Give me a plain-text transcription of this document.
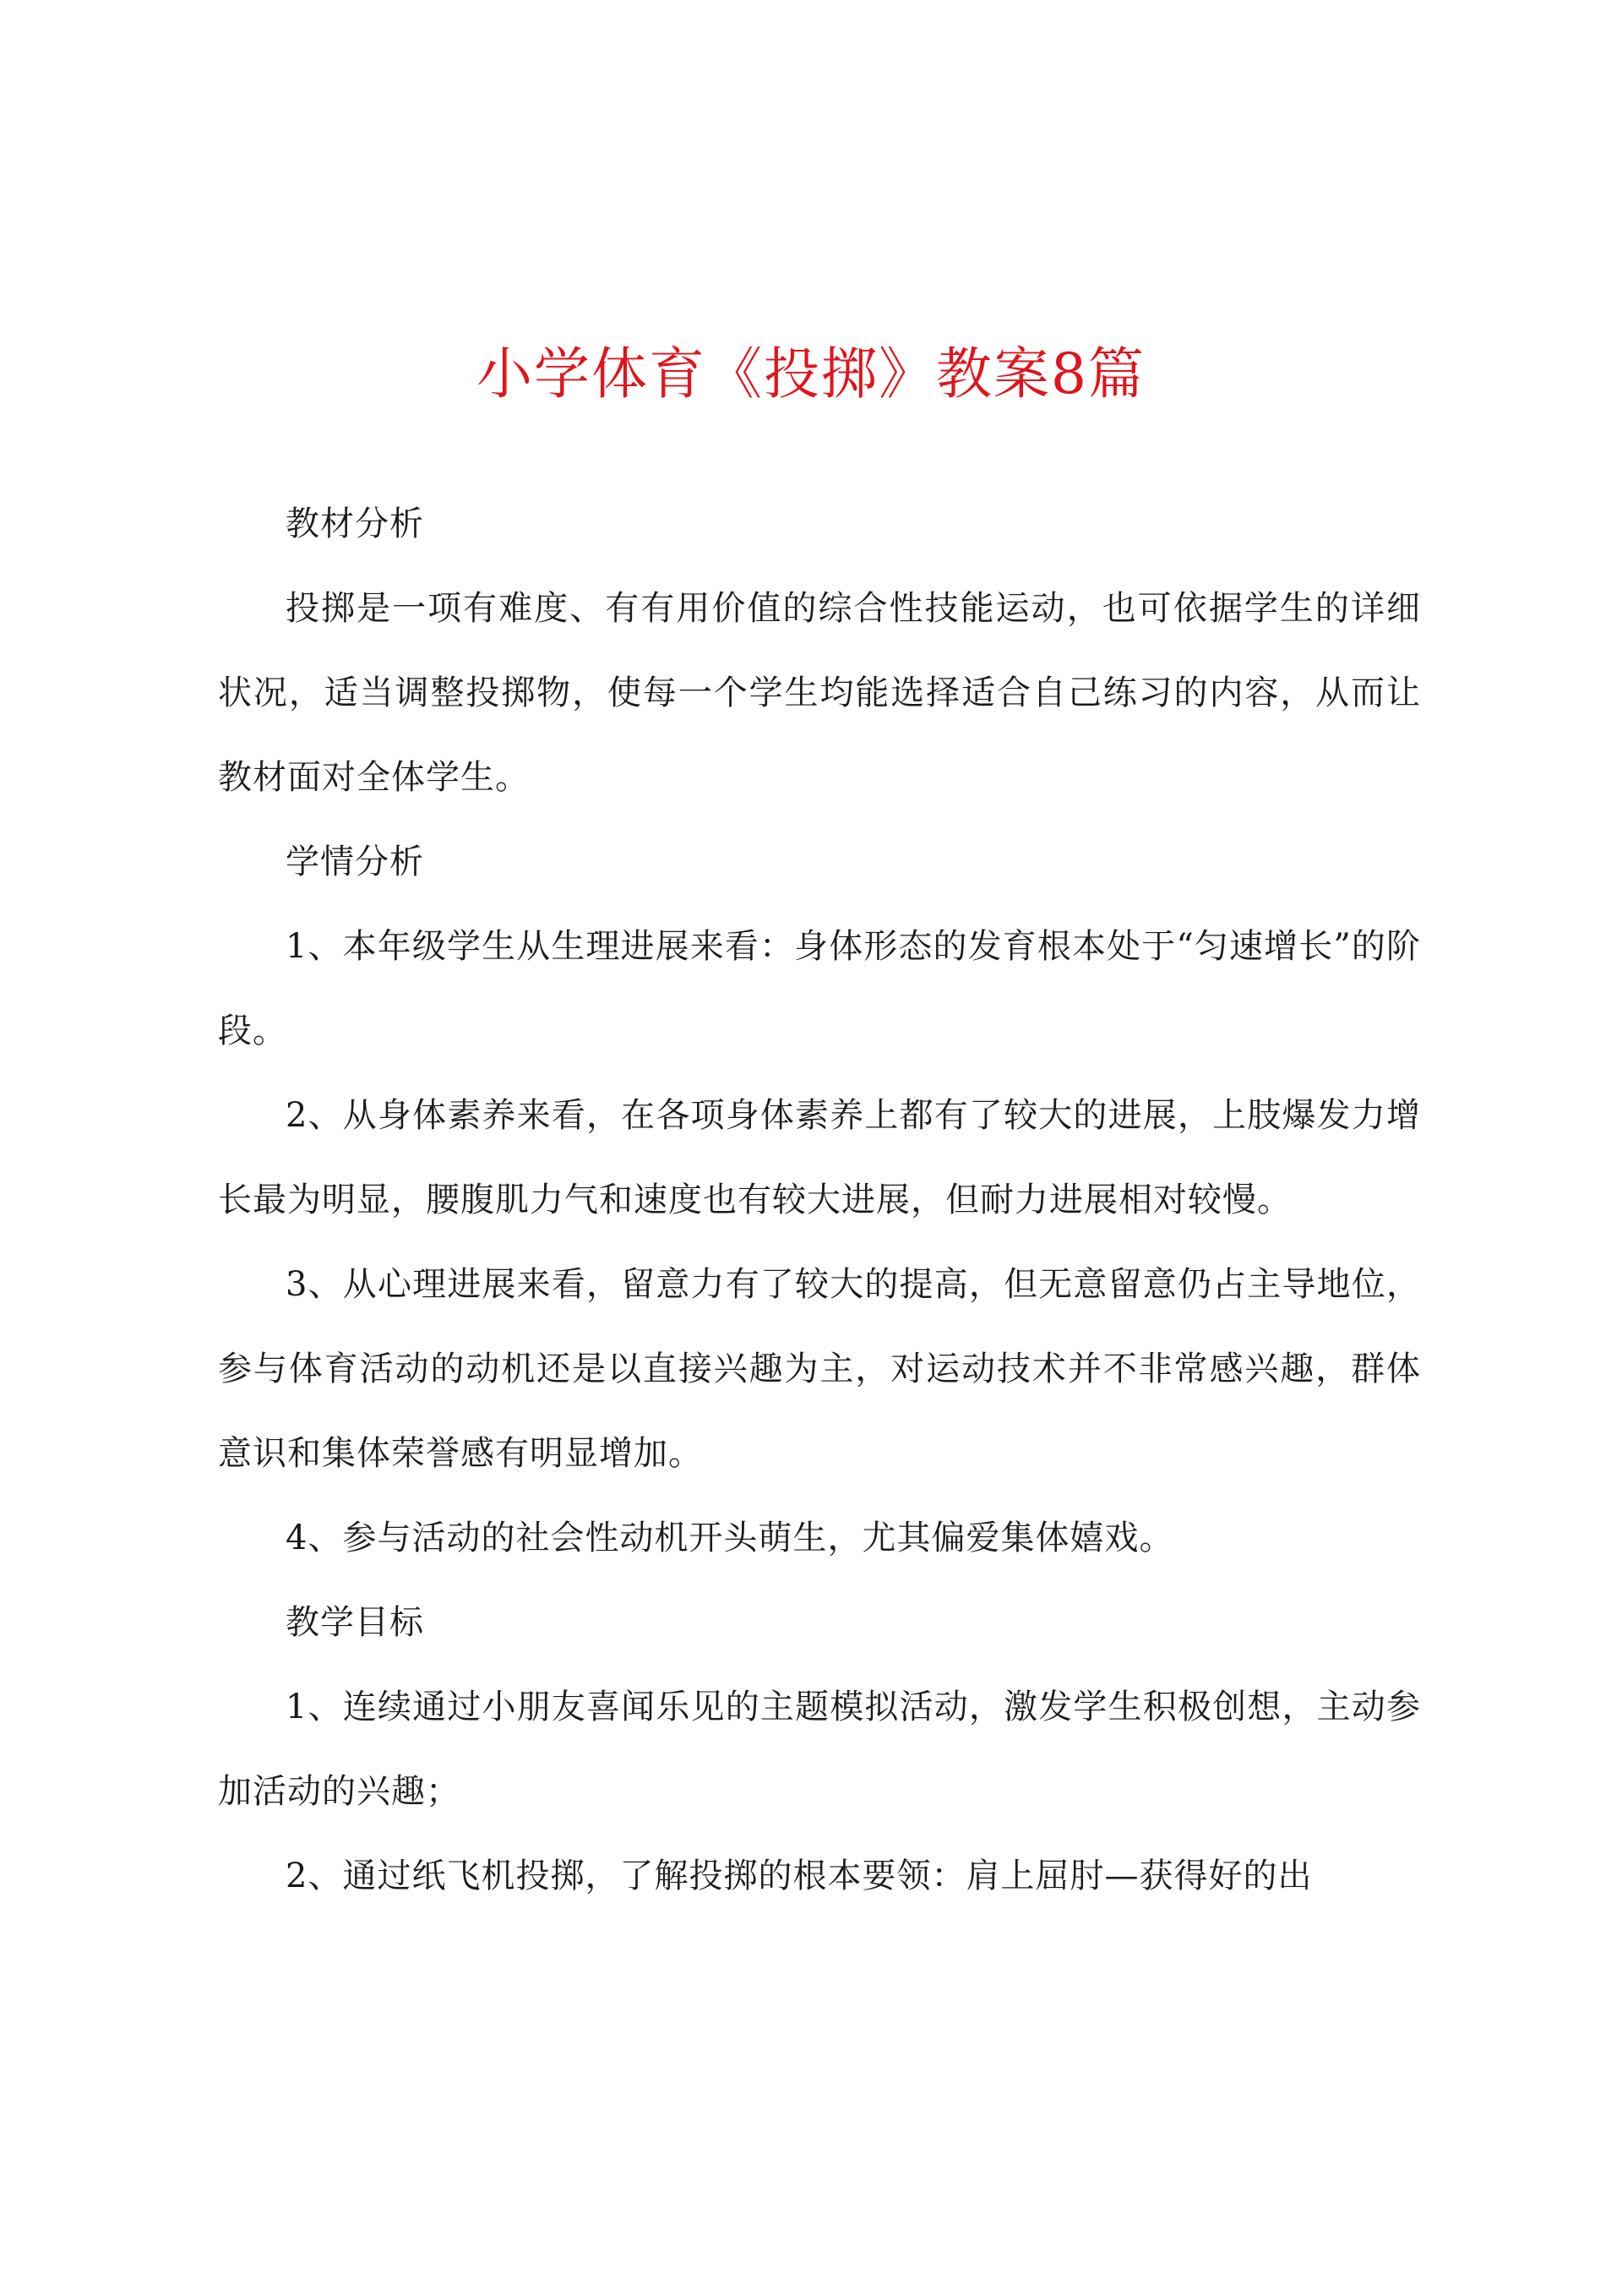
小学体育《投掷》教案8篇

教材分析

投掷是一项有难度、有有用价值的综合性技能运动，也可依据学生的详细状况，适当调整投掷物，使每一个学生均能选择适合自己练习的内容，从而让教材面对全体学生。

学情分析

1、本年级学生从生理进展来看：身体形态的发育根本处于“匀速增长”的阶段。

2、从身体素养来看，在各项身体素养上都有了较大的进展，上肢爆发力增长最为明显，腰腹肌力气和速度也有较大进展，但耐力进展相对较慢。

3、从心理进展来看，留意力有了较大的提高，但无意留意仍占主导地位，参与体育活动的动机还是以直接兴趣为主，对运动技术并不非常感兴趣，群体意识和集体荣誉感有明显增加。

4、参与活动的社会性动机开头萌生，尤其偏爱集体嬉戏。

教学目标

1、连续通过小朋友喜闻乐见的主题模拟活动，激发学生积极创想，主动参加活动的兴趣；

2、通过纸飞机投掷，了解投掷的根本要领：肩上屈肘—获得好的出
